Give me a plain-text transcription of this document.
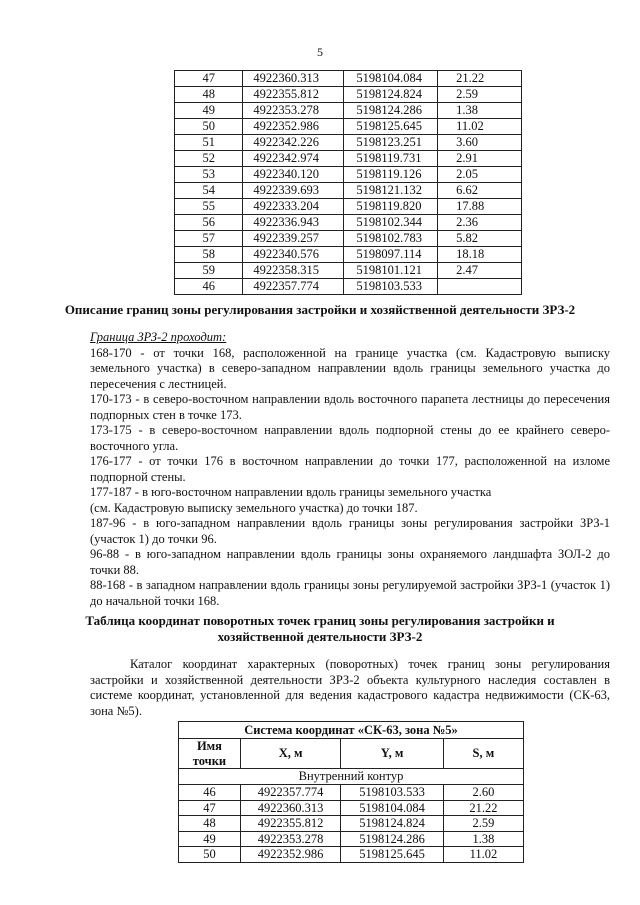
5
47	4922360.313	5198104.084	21.22
48	4922355.812	5198124.824	2.59
49	4922353.278	5198124.286	1.38
50	4922352.986	5198125.645	11.02
51	4922342.226	5198123.251	3.60
52	4922342.974	5198119.731	2.91
53	4922340.120	5198119.126	2.05
54	4922339.693	5198121.132	6.62
55	4922333.204	5198119.820	17.88
56	4922336.943	5198102.344	2.36
57	4922339.257	5198102.783	5.82
58	4922340.576	5198097.114	18.18
59	4922358.315	5198101.121	2.47
46	4922357.774	5198103.533	
Описание границ зоны регулирования застройки и хозяйственной деятельности ЗРЗ-2

Граница ЗРЗ-2 проходит:

168-170 - от точки 168, расположенной на границе участка (см. Кадастровую выписку земельного участка) в северо-западном направлении вдоль границы земельного участка до пересечения с лестницей.

170-173 - в северо-восточном направлении вдоль восточного парапета лестницы до пересечения подпорных стен в точке 173.

173-175 - в северо-восточном направлении вдоль подпорной стены до ее крайнего северо-восточного угла.

176-177 - от точки 176 в восточном направлении до точки 177, расположенной на изломе подпорной стены.

177-187 - в юго-восточном направлении вдоль границы земельного участка

(см. Кадастровую выписку земельного участка) до точки 187.

187-96 - в юго-западном направлении вдоль границы зоны регулирования застройки ЗРЗ-1 (участок 1) до точки 96.

96-88 - в юго-западном направлении вдоль границы зоны охраняемого ландшафта ЗОЛ-2 до точки 88.

88-168 - в западном направлении вдоль границы зоны регулируемой застройки ЗРЗ-1 (участок 1) до начальной точки 168.

Таблица координат поворотных точек границ зоны регулирования застройки и
хозяйственной деятельности ЗРЗ-2
Каталог координат характерных (поворотных) точек границ зоны регулирования застройки и хозяйственной деятельности ЗРЗ-2 объекта культурного наследия составлен в системе координат, установленной для ведения кадастрового кадастра недвижимости (СК-63, зона №5).
Система координат «СК-63, зона №5»			
Имя точки	X, м	Y, м	S, м
Внутренний контур			
46	4922357.774	5198103.533	2.60
47	4922360.313	5198104.084	21.22
48	4922355.812	5198124.824	2.59
49	4922353.278	5198124.286	1.38
50	4922352.986	5198125.645	11.02
